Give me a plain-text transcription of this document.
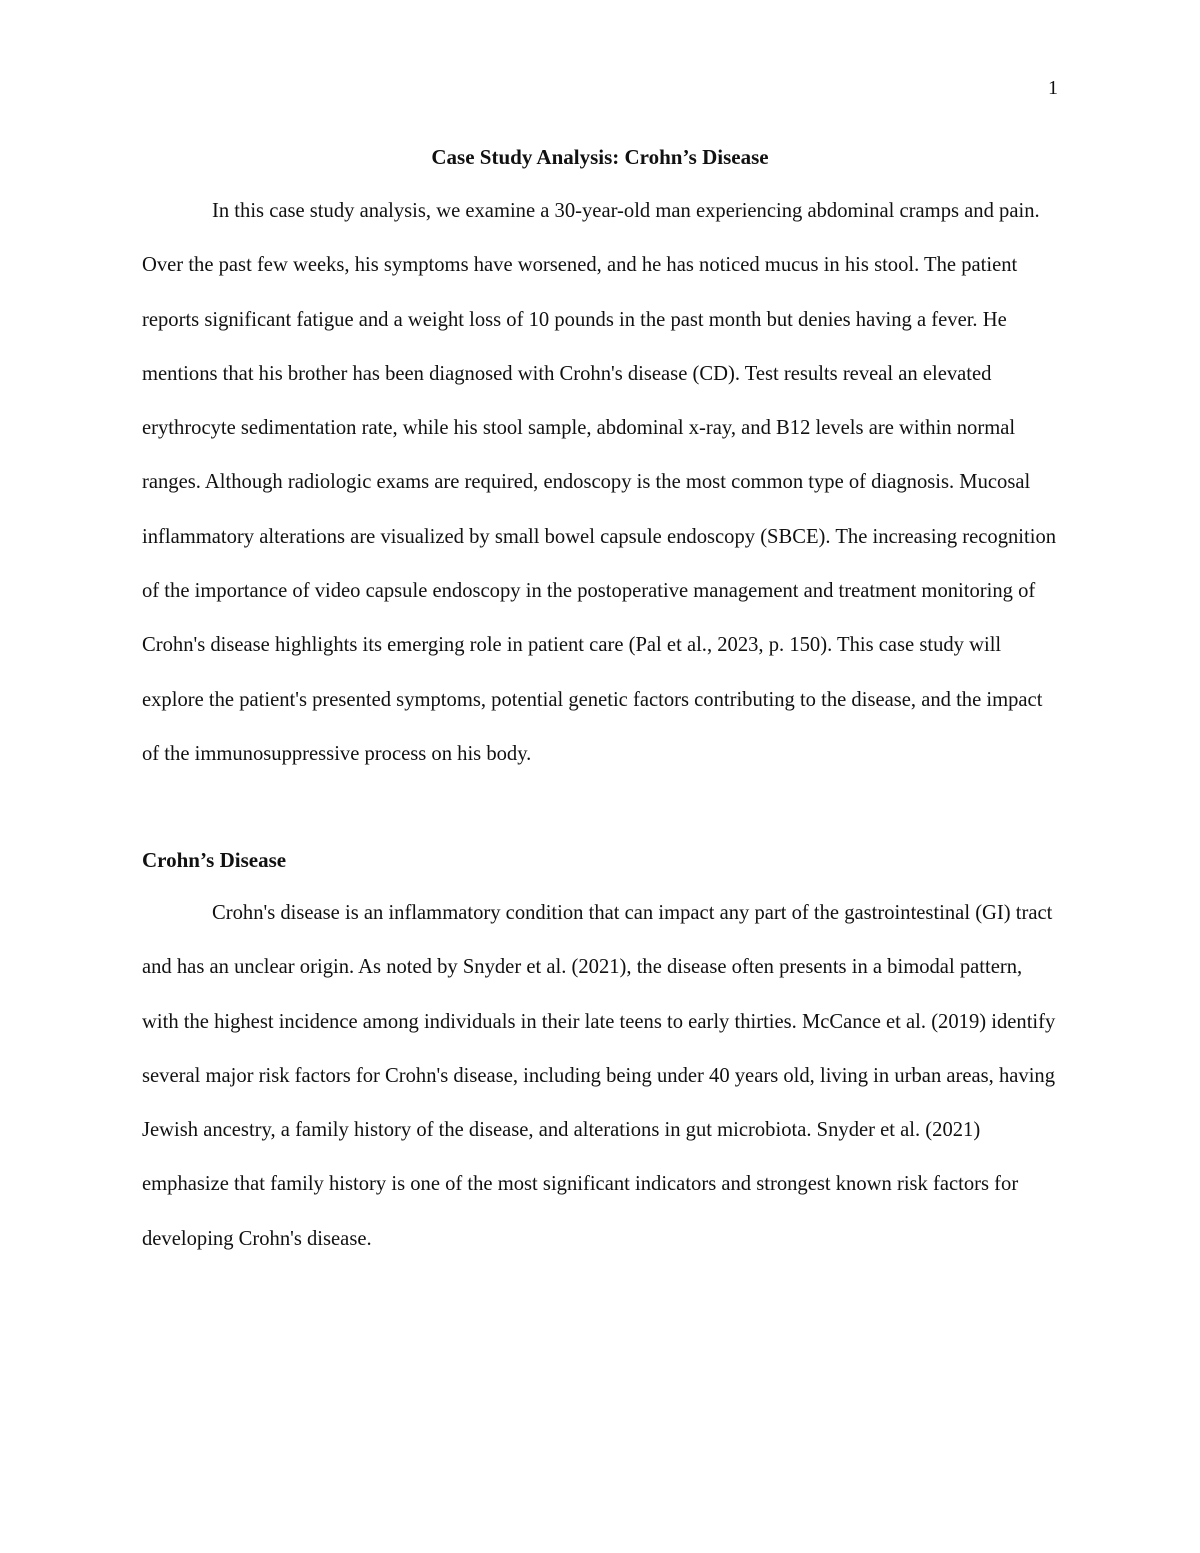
1
Case Study Analysis: Crohn’s Disease

In this case study analysis, we examine a 30-year-old man experiencing abdominal cramps and pain. Over the past few weeks, his symptoms have worsened, and he has noticed mucus in his stool. The patient reports significant fatigue and a weight loss of 10 pounds in the past month but denies having a fever. He mentions that his brother has been diagnosed with Crohn's disease (CD). Test results reveal an elevated erythrocyte sedimentation rate, while his stool sample, abdominal x-ray, and B12 levels are within normal ranges. Although radiologic exams are required, endoscopy is the most common type of diagnosis. Mucosal inflammatory alterations are visualized by small bowel capsule endoscopy (SBCE). The increasing recognition of the importance of video capsule endoscopy in the postoperative management and treatment monitoring of Crohn's disease highlights its emerging role in patient care (Pal et al., 2023, p. 150). This case study will explore the patient's presented symptoms, potential genetic factors contributing to the disease, and the impact of the immunosuppressive process on his body.

Crohn’s Disease

Crohn's disease is an inflammatory condition that can impact any part of the gastrointestinal (GI) tract and has an unclear origin. As noted by Snyder et al. (2021), the disease often presents in a bimodal pattern, with the highest incidence among individuals in their late teens to early thirties. McCance et al. (2019) identify several major risk factors for Crohn's disease, including being under 40 years old, living in urban areas, having Jewish ancestry, a family history of the disease, and alterations in gut microbiota. Snyder et al. (2021) emphasize that family history is one of the most significant indicators and strongest known risk factors for developing Crohn's disease.
